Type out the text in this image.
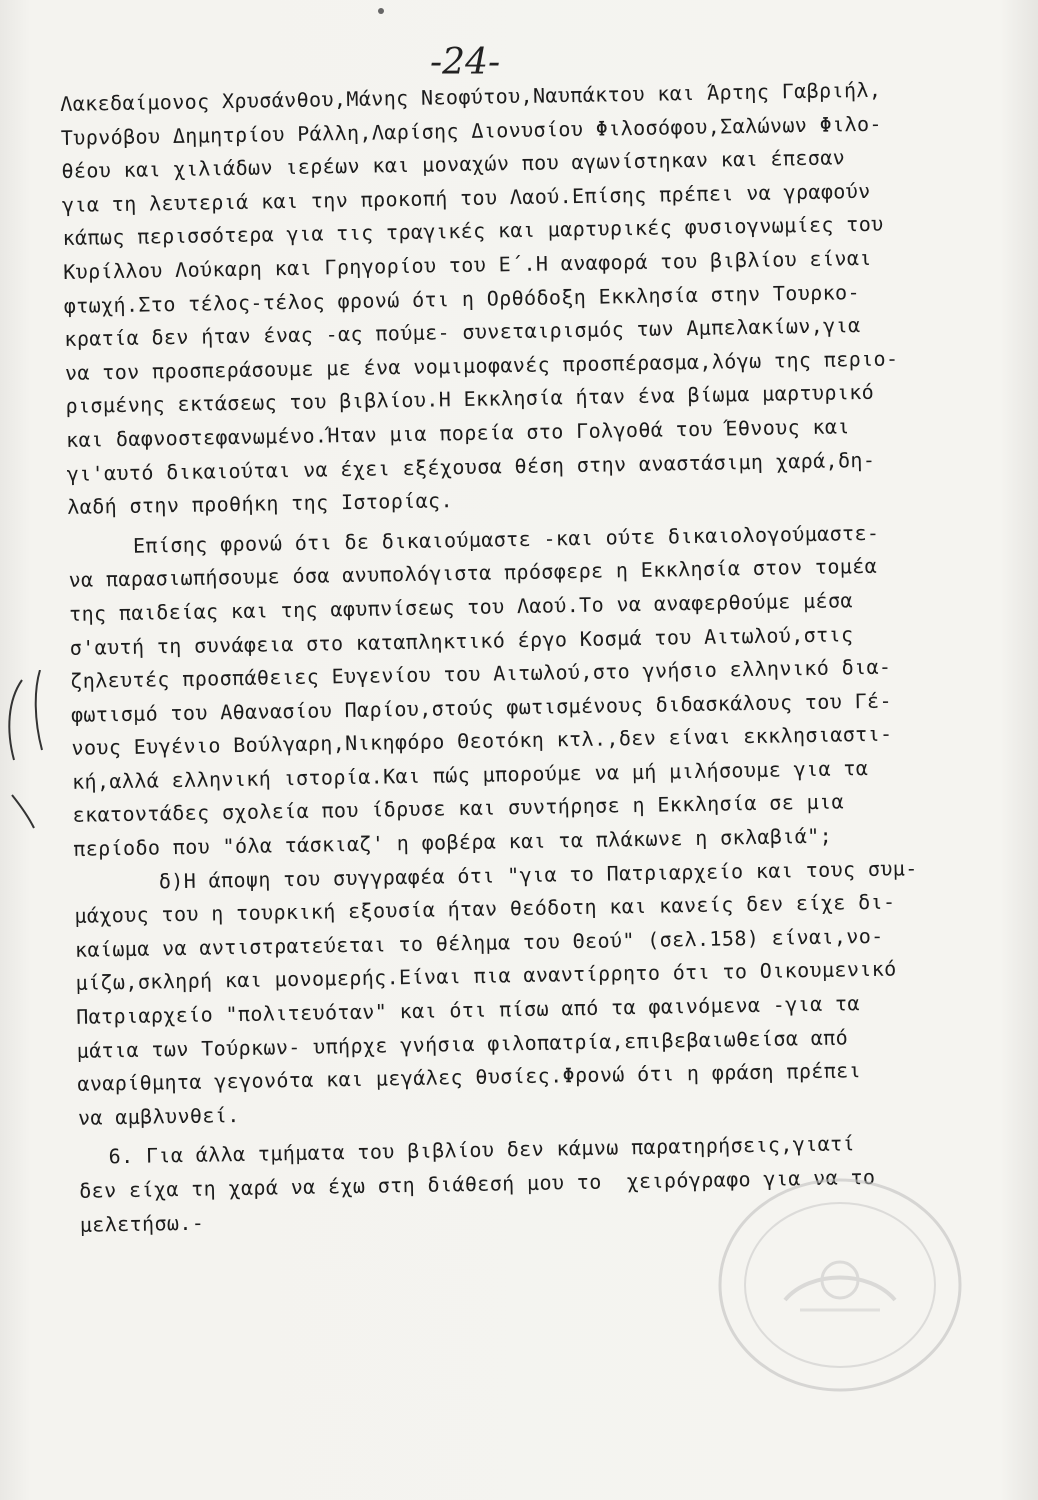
-24-
Λακεδαίμονος Χρυσάνθου,Μάνης Νεοφύτου,Ναυπάκτου και Άρτης Γαβριήλ,
Τυρνόβου Δημητρίου Ράλλη,Λαρίσης Διονυσίου Φιλοσόφου,Σαλώνων Φιλο-
θέου και χιλιάδων ιερέων και μοναχών που αγωνίστηκαν και έπεσαν
για τη λευτεριά και την προκοπή του Λαού.Επίσης πρέπει να γραφούν
κάπως περισσότερα για τις τραγικές και μαρτυρικές φυσιογνωμίες του
Κυρίλλου Λούκαρη και Γρηγορίου του Ε΄.Η αναφορά του βιβλίου είναι
φτωχή.Στο τέλος-τέλος φρονώ ότι η Ορθόδοξη Εκκλησία στην Τουρκο-
κρατία δεν ήταν ένας -ας πούμε- συνεταιρισμός των Αμπελακίων,για
να τον προσπεράσουμε με ένα νομιμοφανές προσπέρασμα,λόγω της περιο-
ρισμένης εκτάσεως του βιβλίου.Η Εκκλησία ήταν ένα βίωμα μαρτυρικό
και δαφνοστεφανωμένο.Ήταν μια πορεία στο Γολγοθά του Έθνους και
γι'αυτό δικαιούται να έχει εξέχουσα θέση στην αναστάσιμη χαρά,δη-
λαδή στην προθήκη της Ιστορίας.
Επίσης φρονώ ότι δε δικαιούμαστε -και ούτε δικαιολογούμαστε-
να παρασιωπήσουμε όσα ανυπολόγιστα πρόσφερε η Εκκλησία στον τομέα
της παιδείας και της αφυπνίσεως του Λαού.Το να αναφερθούμε μέσα
σ'αυτή τη συνάφεια στο καταπληκτικό έργο Κοσμά του Αιτωλού,στις
ζηλευτές προσπάθειες Ευγενίου του Αιτωλού,στο γνήσιο ελληνικό δια-
φωτισμό του Αθανασίου Παρίου,στούς φωτισμένους διδασκάλους του Γέ-
νους Ευγένιο Βούλγαρη,Νικηφόρο Θεοτόκη κτλ.,δεν είναι εκκλησιαστι-
κή,αλλά ελληνική ιστορία.Και πώς μπορούμε να μή μιλήσουμε για τα
εκατοντάδες σχολεία που ίδρυσε και συντήρησε η Εκκλησία σε μια
περίοδο που "όλα τάσκιαζ' η φοβέρα και τα πλάκωνε η σκλαβιά";
δ)Η άποψη του συγγραφέα ότι "για το Πατριαρχείο και τους συμ-
μάχους του η τουρκική εξουσία ήταν θεόδοτη και κανείς δεν είχε δι-
καίωμα να αντιστρατεύεται το θέλημα του Θεού" (σελ.158) είναι,νο-
μίζω,σκληρή και μονομερής.Είναι πια αναντίρρητο ότι το Οικουμενικό
Πατριαρχείο "πολιτευόταν" και ότι πίσω από τα φαινόμενα -για τα
μάτια των Τούρκων- υπήρχε γνήσια φιλοπατρία,επιβεβαιωθείσα από
αναρίθμητα γεγονότα και μεγάλες θυσίες.Φρονώ ότι η φράση πρέπει
να αμβλυνθεί.
6. Για άλλα τμήματα του βιβλίου δεν κάμνω παρατηρήσεις,γιατί
δεν είχα τη χαρά να έχω στη διάθεσή μου το  χειρόγραφο για να το
μελετήσω.-
